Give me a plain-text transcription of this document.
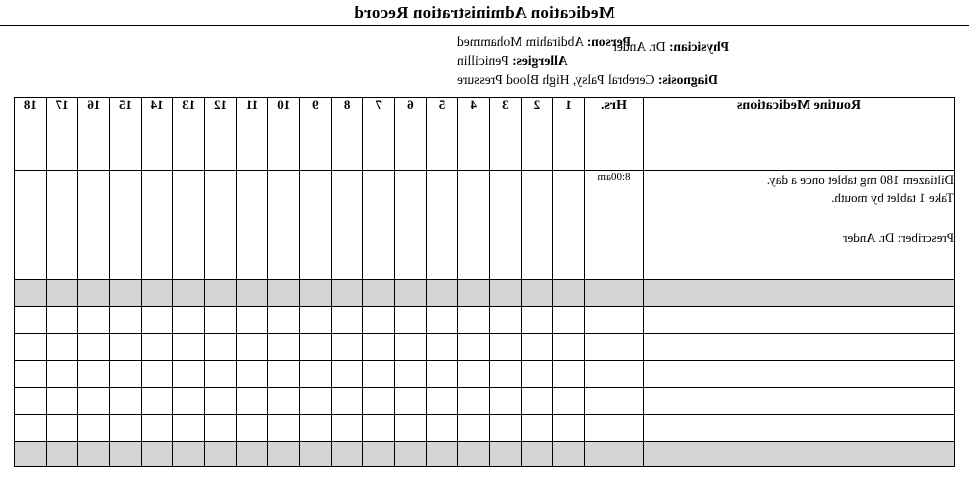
Medication Administration Record
Person: Abdirahim Mohammed
Allergies: Penicillin
Diagnosis: Cerebral Palsy, High Blood Pressure
Physician: Dr. Ander
Routine Medications	Hrs.	1	2	3	4	5	6	7	8	9	10	11	12	13	14	15	16	17	18

Diltiazem 180 mg tablet once a day.
Take 1 tablet by mouth.
Prescriber: Dr. Ander	8:00am																		
